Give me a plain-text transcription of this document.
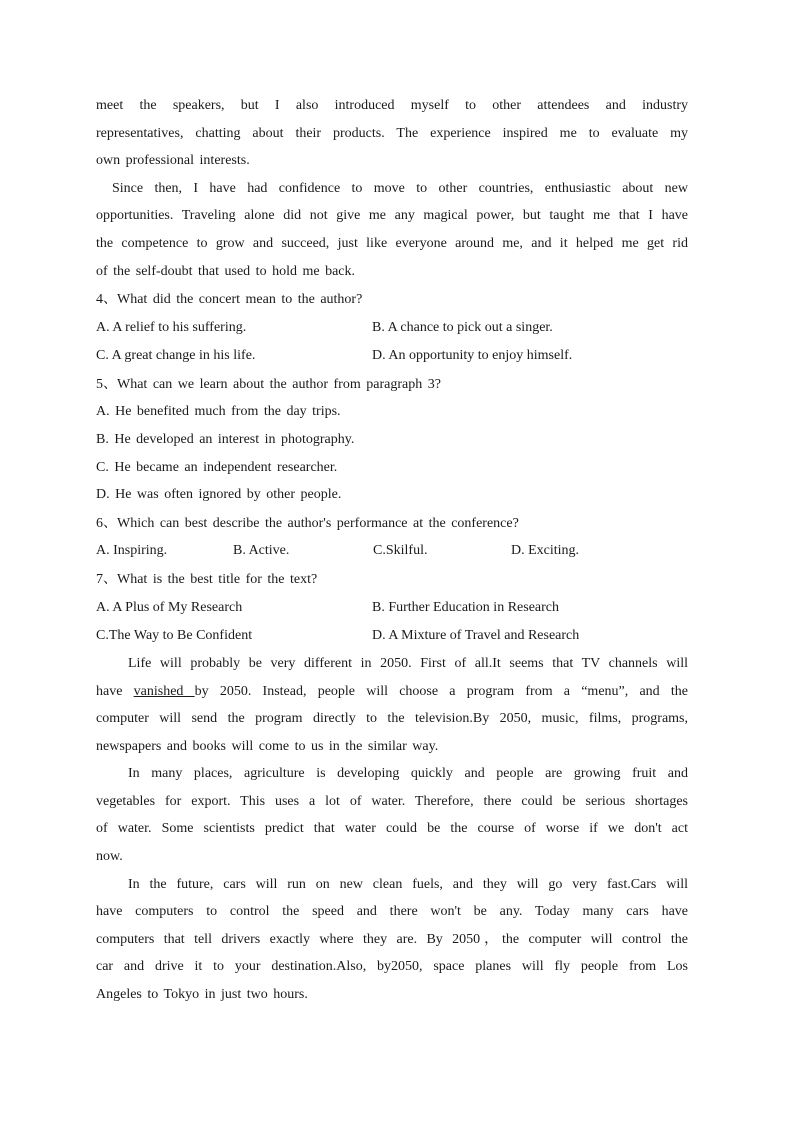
meet the speakers, but I also introduced myself to other attendees and industry
representatives, chatting about their products. The experience inspired me to evaluate my
own professional interests.
Since then, I have had confidence to move to other countries, enthusiastic about new
opportunities. Traveling alone did not give me any magical power, but taught me that I have
the competence to grow and succeed, just like everyone around me, and it helped me get rid
of the self-doubt that used to hold me back.
4、What did the concert mean to the author?
A. A relief to his suffering.	B. A chance to pick out a singer.
C. A great change in his life.	D. An opportunity to enjoy himself.
5、What can we learn about the author from paragraph 3?
A. He benefited much from the day trips.
B. He developed an interest in photography.
C. He became an independent researcher.
D. He was often ignored by other people.
6、Which can best describe the author's performance at the conference?
A. Inspiring.	B. Active.	C.Skilful.	D. Exciting.
7、What is the best title for the text?
A. A Plus of My Research	B. Further Education in Research
C.The Way to Be Confident	D. A Mixture of Travel and Research
Life will probably be very different in 2050. First of all.It seems that TV channels will
have vanished by 2050. Instead, people will choose a program from a “menu”, and the
computer will send the program directly to the television.By 2050, music, films, programs,
newspapers and books will come to us in the similar way.
In many places, agriculture is developing quickly and people are growing fruit and
vegetables for export. This uses a lot of water. Therefore, there could be serious shortages
of water. Some scientists predict that water could be the course of worse if we don't act
now.
In the future, cars will run on new clean fuels, and they will go very fast.Cars will
have computers to control the speed and there won't be any. Today many cars have
computers that tell drivers exactly where they are. By 2050，the computer will control the
car and drive it to your destination.Also, by2050, space planes will fly people from Los
Angeles to Tokyo in just two hours.
